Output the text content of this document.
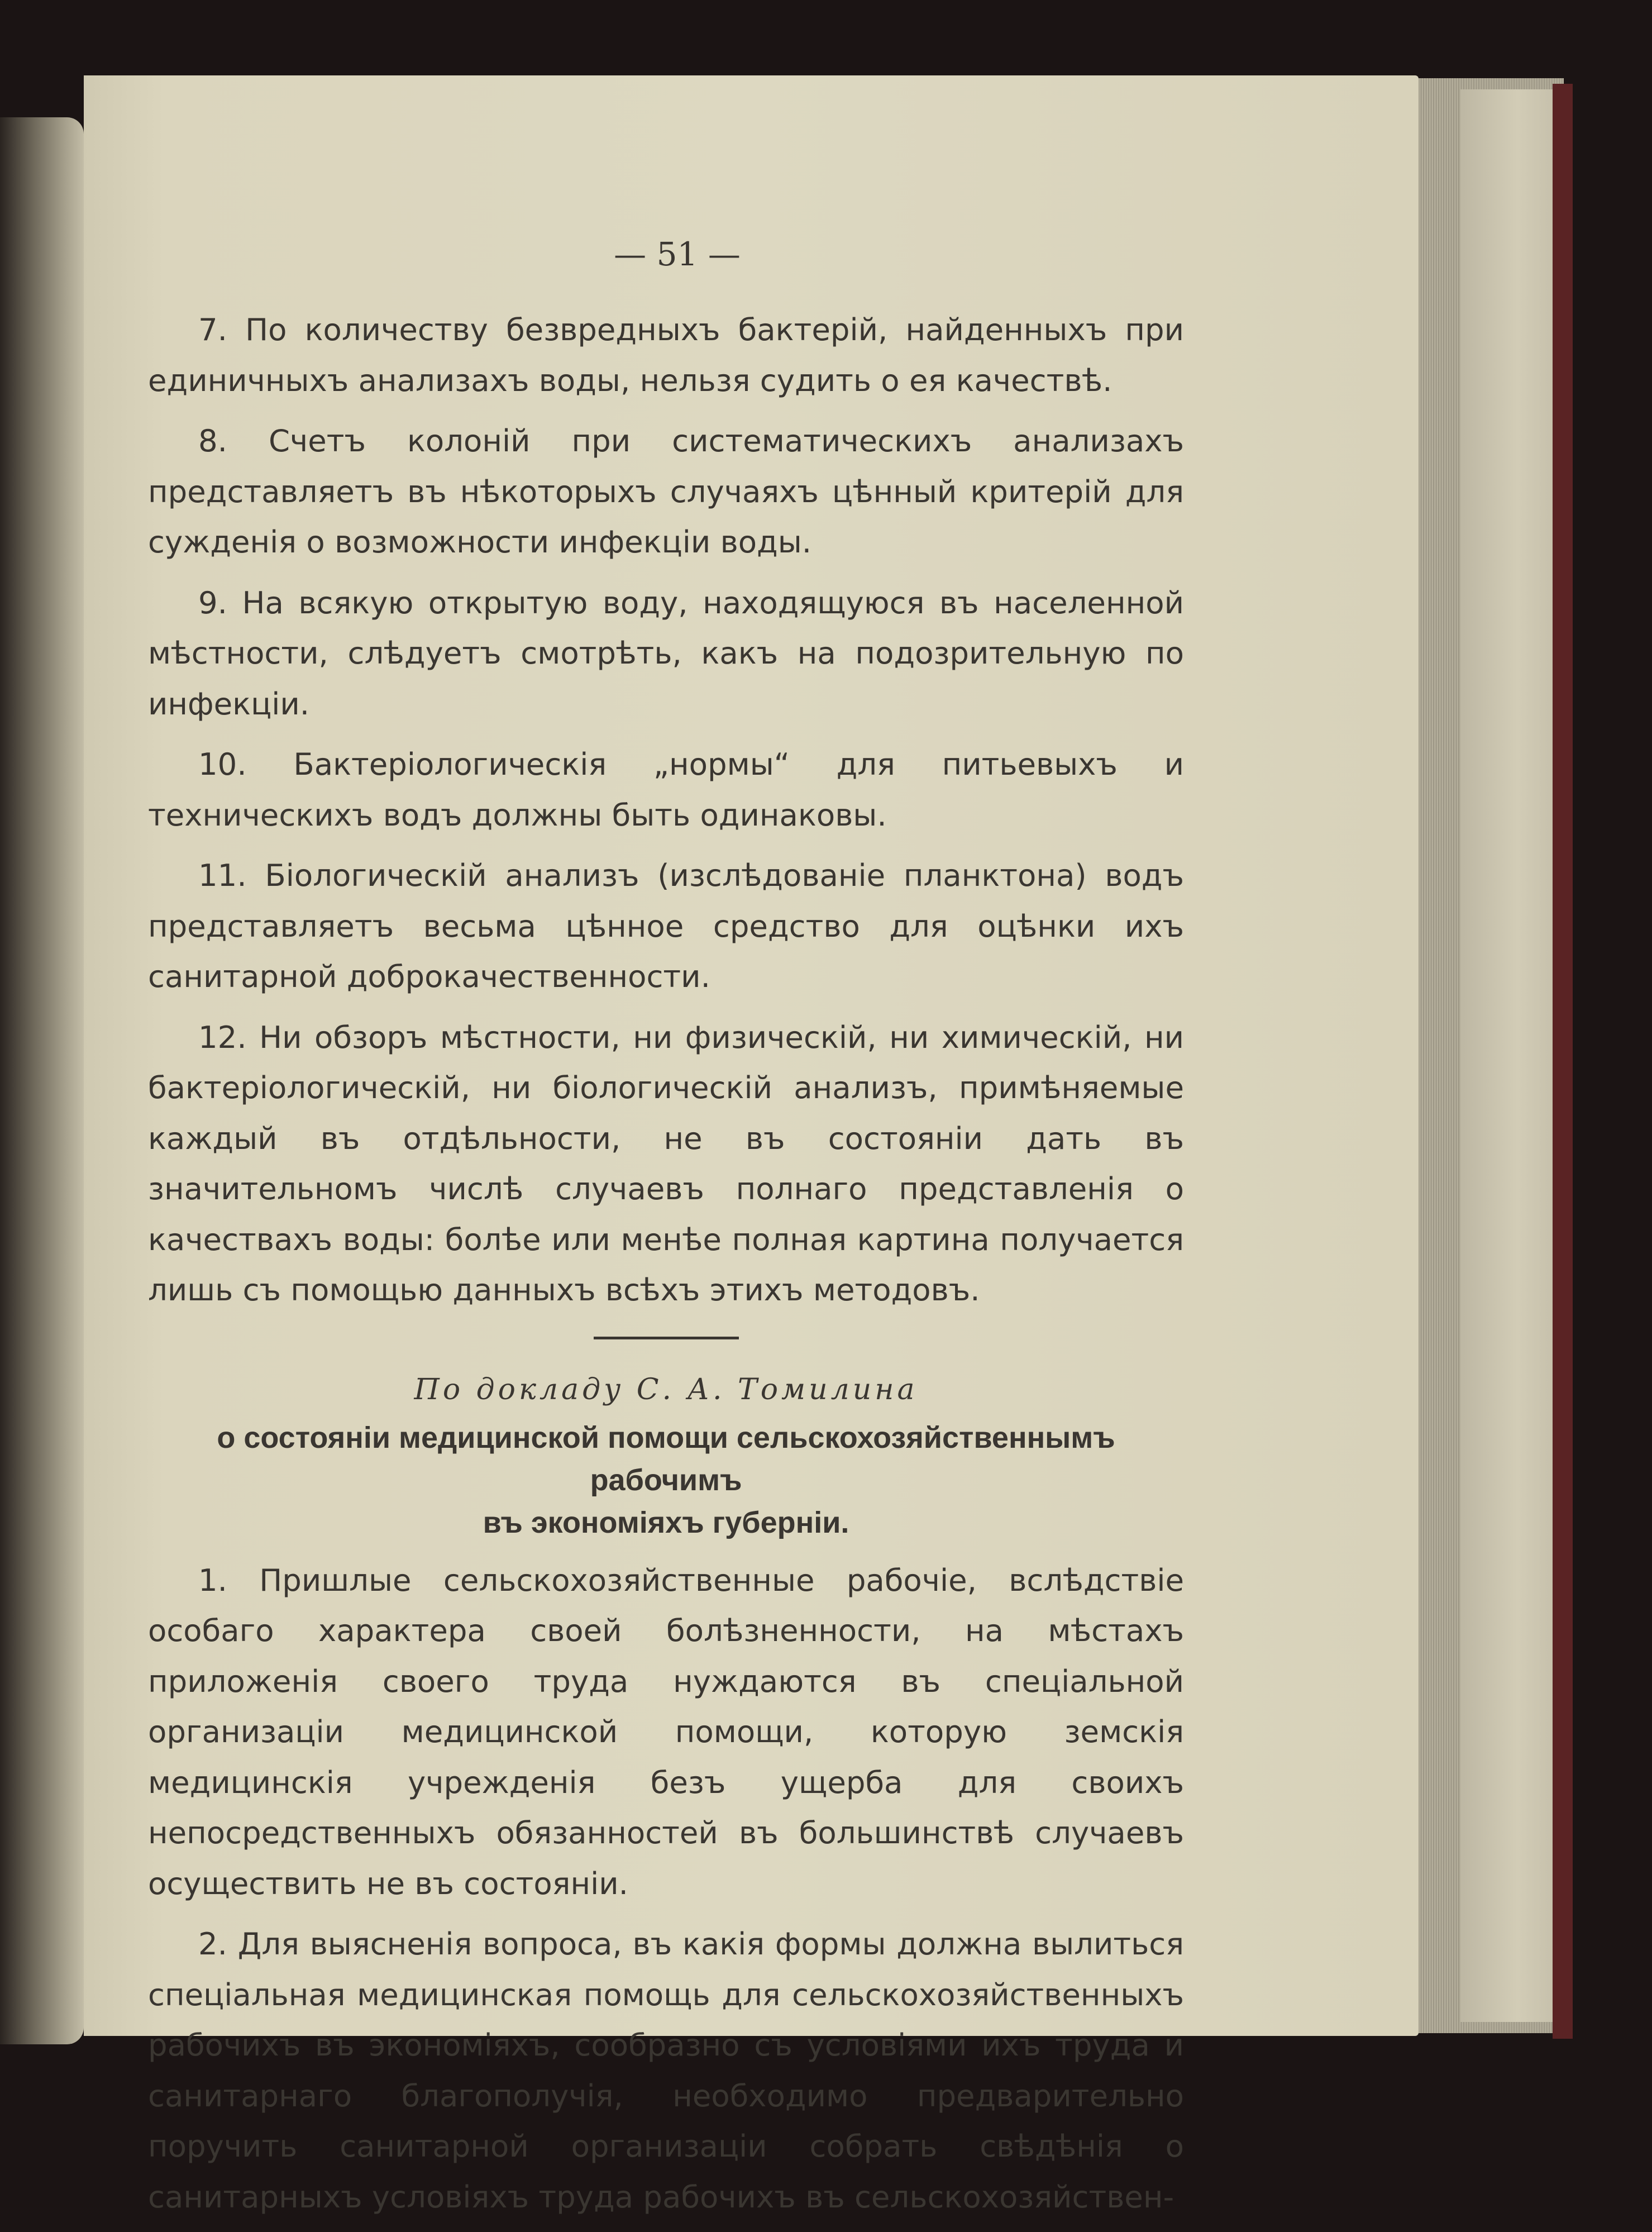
— 51 —

7. По количеству безвредныхъ бактерій, найденныхъ при единичныхъ анализахъ воды, нельзя судить о ея качествѣ.

8. Счетъ колоній при систематическихъ анализахъ представляетъ въ нѣкоторыхъ случаяхъ цѣнный критерій для сужденія о возможности инфекціи воды.

9. На всякую открытую воду, находящуюся въ населенной мѣстности, слѣдуетъ смотрѣть, какъ на подозрительную по инфекціи.

10. Бактеріологическія „нормы“ для питьевыхъ и техническихъ водъ должны быть одинаковы.

11. Біологическій анализъ (изслѣдованіе планктона) водъ представляетъ весьма цѣнное средство для оцѣнки ихъ санитарной доброкачественности.

12. Ни обзоръ мѣстности, ни физическій, ни химическій, ни бактеріологическій, ни біологическій анализъ, примѣняемые каждый въ отдѣльности, не въ состояніи дать въ значительномъ числѣ случаевъ полнаго представленія о качествахъ воды: болѣе или менѣе полная картина получается лишь съ помощью данныхъ всѣхъ этихъ методовъ.

По докладу С. А. Томилина
о состояніи медицинской помощи сельскохозяйственнымъ рабочимъ
въ экономіяхъ губерніи.

1. Пришлые сельскохозяйственные рабочіе, вслѣдствіе особаго характера своей болѣзненности, на мѣстахъ приложенія своего труда нуждаются въ спеціальной организаціи медицинской помощи, которую земскія медицинскія учрежденія безъ ущерба для своихъ непосредственныхъ обязанностей въ большинствѣ случаевъ осуществить не въ состояніи.

2. Для выясненія вопроса, въ какія формы должна вылиться спеціальная медицинская помощь для сельскохозяйственныхъ рабочихъ въ экономіяхъ, сообразно съ условіями ихъ труда и санитарнаго благополучія, необходимо предварительно поручить санитарной организаціи собрать свѣдѣнія о санитарныхъ условіяхъ труда рабочихъ въ сельскохозяйствен-
